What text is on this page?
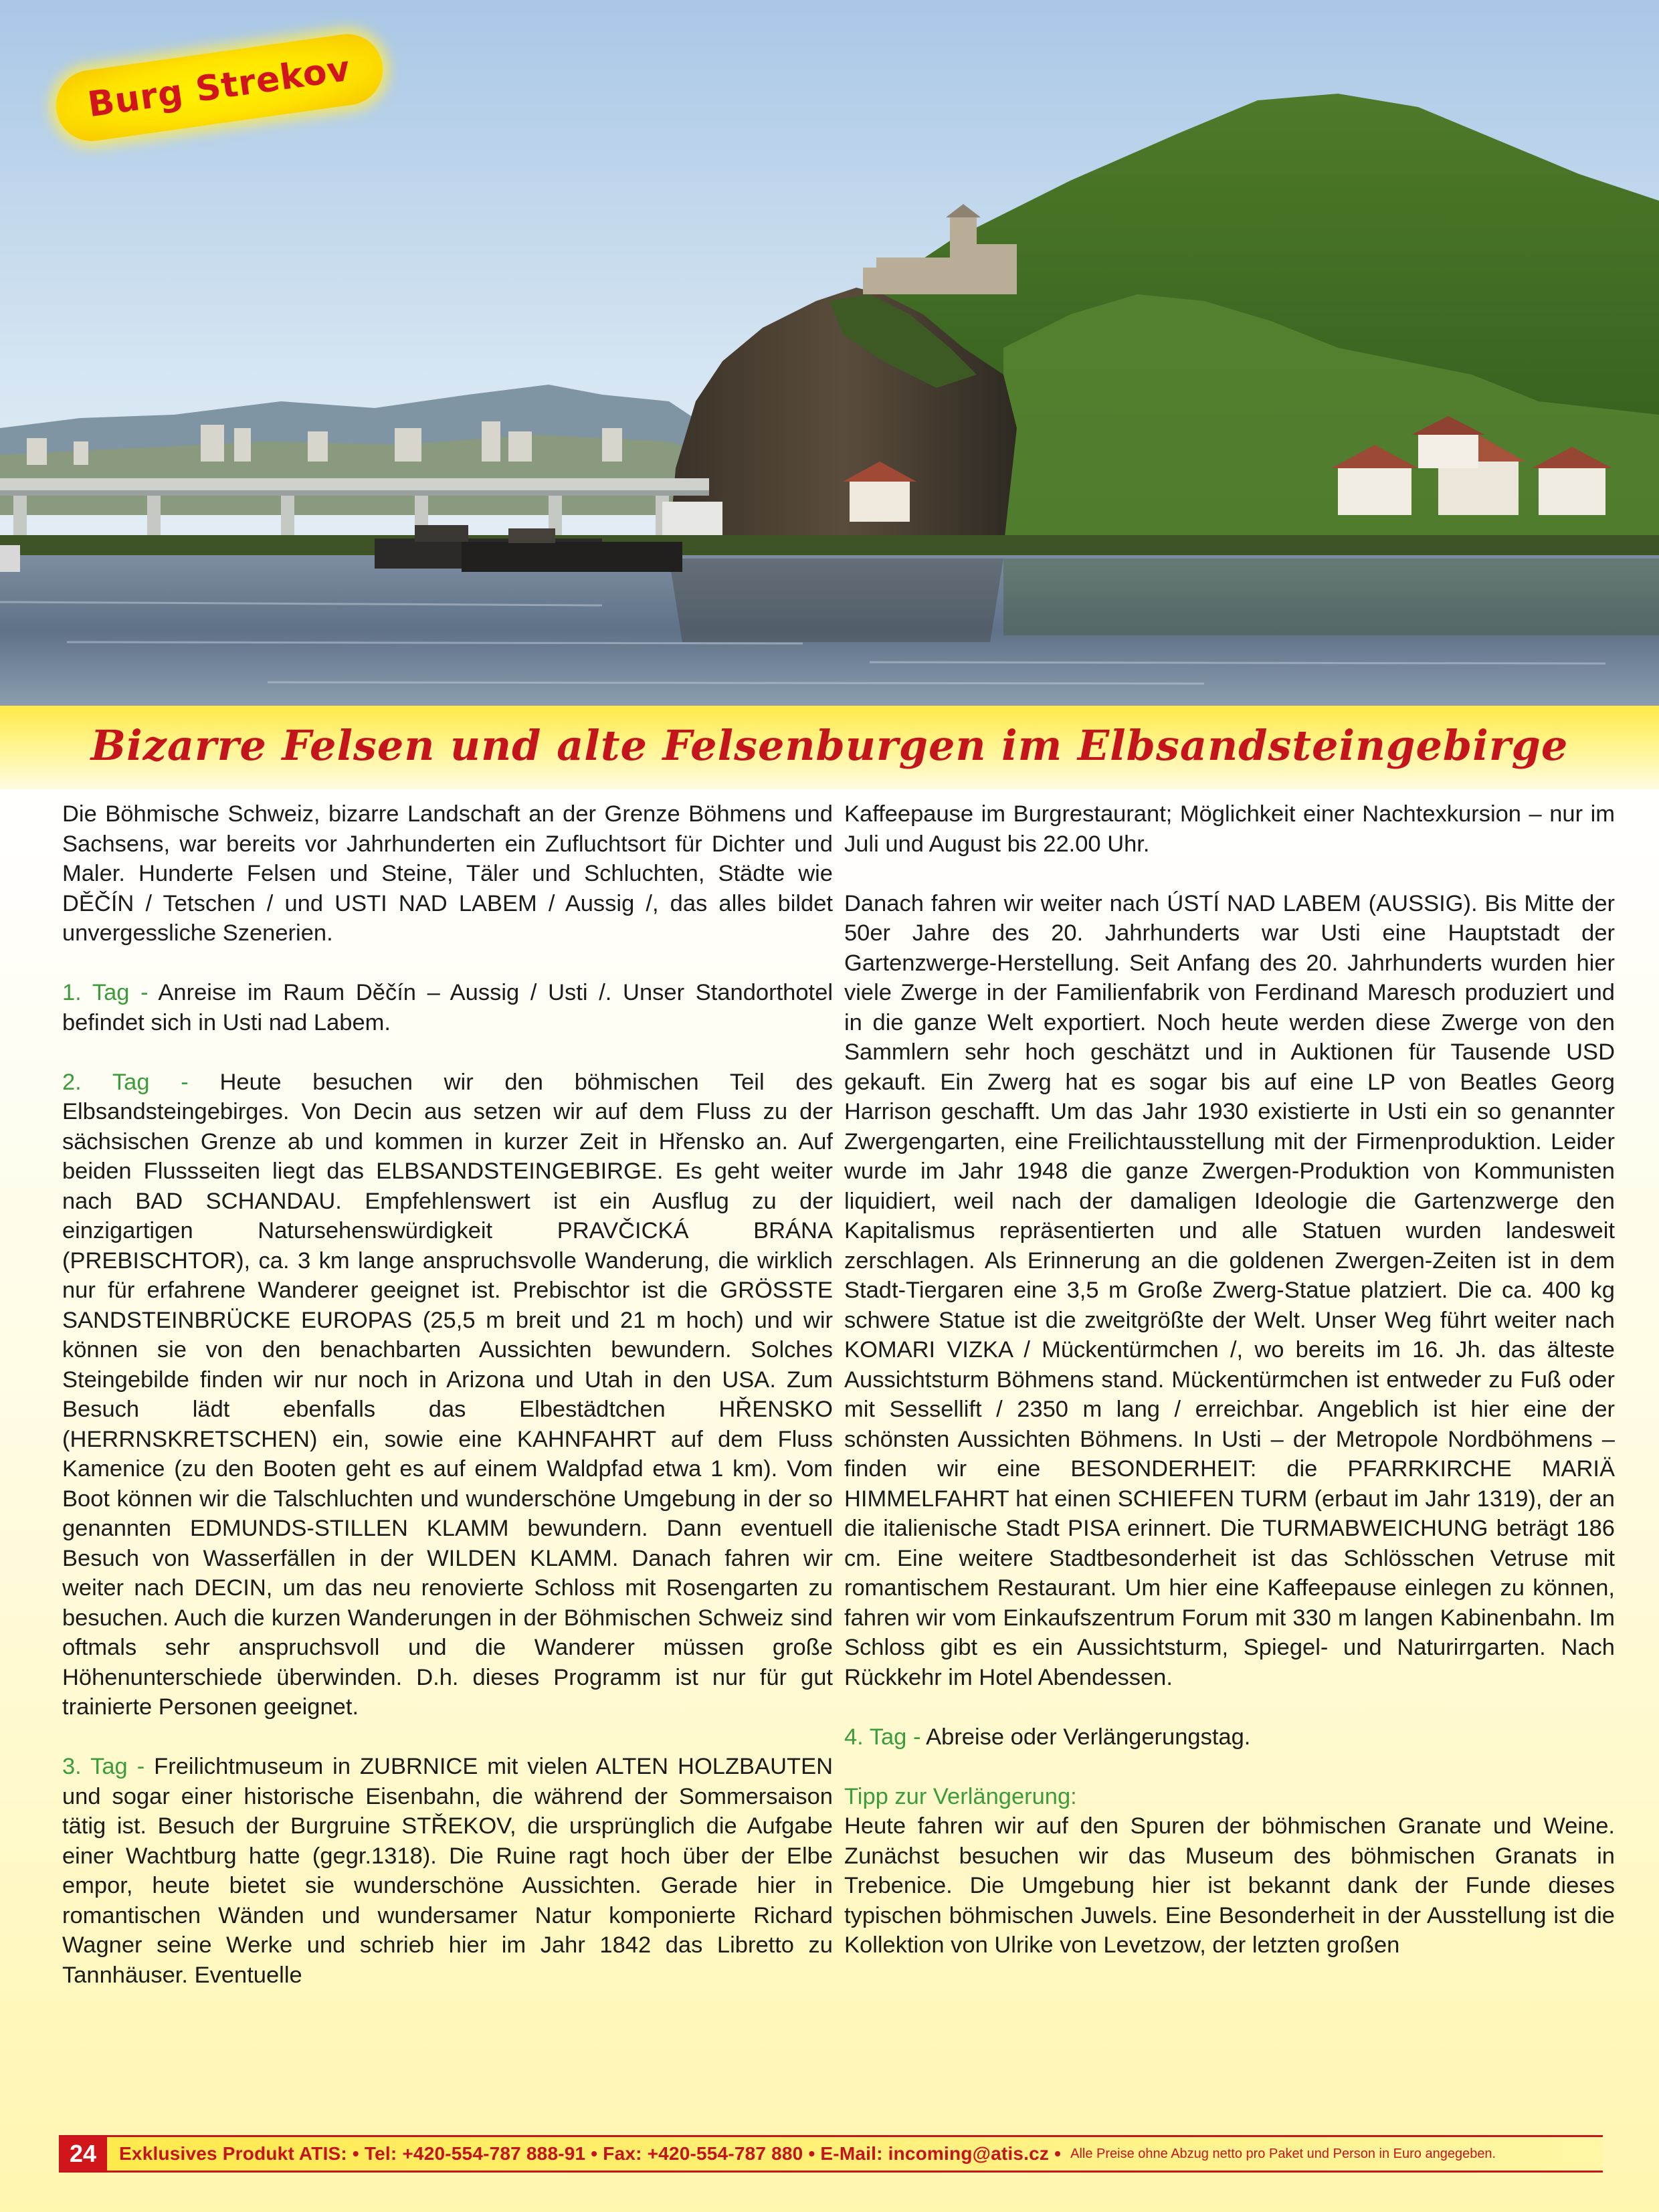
Burg Strekov
Bizarre Felsen und alte Felsenburgen im Elbsandsteingebirge

Die Böhmische Schweiz, bizarre Landschaft an der Grenze Böhmens und Sachsens, war bereits vor Jahrhunderten ein Zufluchtsort für Dichter und Maler. Hunderte Felsen und Steine, Täler und Schluchten, Städte wie DĚČÍN / Tetschen / und USTI NAD LABEM / Aussig /, das alles bildet unvergessliche Szenerien.

1. Tag - Anreise im Raum Děčín – Aussig / Usti /. Unser Standorthotel befindet sich in Usti nad Labem.

2. Tag - Heute besuchen wir den böhmischen Teil des Elbsandsteingebirges. Von Decin aus setzen wir auf dem Fluss zu der sächsischen Grenze ab und kommen in kurzer Zeit in Hřensko an. Auf beiden Flussseiten liegt das ELBSANDSTEINGEBIRGE. Es geht weiter nach BAD SCHANDAU. Empfehlenswert ist ein Ausflug zu der einzigartigen Natursehenswürdigkeit PRAVČICKÁ BRÁNA (PREBISCHTOR), ca. 3 km lange anspruchsvolle Wanderung, die wirklich nur für erfahrene Wanderer geeignet ist. Prebischtor ist die GRÖSSTE SANDSTEINBRÜCKE EUROPAS (25,5 m breit und 21 m hoch) und wir können sie von den benachbarten Aussichten bewundern. Solches Steingebilde finden wir nur noch in Arizona und Utah in den USA. Zum Besuch lädt ebenfalls das Elbestädtchen HŘENSKO (HERRNSKRETSCHEN) ein, sowie eine KAHNFAHRT auf dem Fluss Kamenice (zu den Booten geht es auf einem Waldpfad etwa 1 km). Vom Boot können wir die Talschluchten und wunderschöne Umgebung in der so genannten EDMUNDS-STILLEN KLAMM bewundern. Dann eventuell Besuch von Wasserfällen in der WILDEN KLAMM. Danach fahren wir weiter nach DECIN, um das neu renovierte Schloss mit Rosengarten zu besuchen. Auch die kurzen Wanderungen in der Böhmischen Schweiz sind oftmals sehr anspruchsvoll und die Wanderer müssen große Höhenunterschiede überwinden. D.h. dieses Programm ist nur für gut trainierte Personen geeignet.

3. Tag - Freilichtmuseum in ZUBRNICE mit vielen ALTEN HOLZBAUTEN und sogar einer historische Eisenbahn, die während der Sommersaison tätig ist. Besuch der Burgruine STŘEKOV, die ursprünglich die Aufgabe einer Wachtburg hatte (gegr.1318). Die Ruine ragt hoch über der Elbe empor, heute bietet sie wunderschöne Aussichten. Gerade hier in romantischen Wänden und wundersamer Natur komponierte Richard Wagner seine Werke und schrieb hier im Jahr 1842 das Libretto zu Tannhäuser. Eventuelle

Kaffeepause im Burgrestaurant; Möglichkeit einer Nachtexkursion – nur im Juli und August bis 22.00 Uhr.

Danach fahren wir weiter nach ÚSTÍ NAD LABEM (AUSSIG). Bis Mitte der 50er Jahre des 20. Jahrhunderts war Usti eine Hauptstadt der Gartenzwerge-Herstellung. Seit Anfang des 20. Jahrhunderts wurden hier viele Zwerge in der Familienfabrik von Ferdinand Maresch produziert und in die ganze Welt exportiert. Noch heute werden diese Zwerge von den Sammlern sehr hoch geschätzt und in Auktionen für Tausende USD gekauft. Ein Zwerg hat es sogar bis auf eine LP von Beatles Georg Harrison geschafft. Um das Jahr 1930 existierte in Usti ein so genannter Zwergengarten, eine Freilichtausstellung mit der Firmenproduktion. Leider wurde im Jahr 1948 die ganze Zwergen-Produktion von Kommunisten liquidiert, weil nach der damaligen Ideologie die Gartenzwerge den Kapitalismus repräsentierten und alle Statuen wurden landesweit zerschlagen. Als Erinnerung an die goldenen Zwergen-Zeiten ist in dem Stadt-Tiergaren eine 3,5 m Große Zwerg-Statue platziert. Die ca. 400 kg schwere Statue ist die zweitgrößte der Welt. Unser Weg führt weiter nach KOMARI VIZKA / Mückentürmchen /, wo bereits im 16. Jh. das älteste Aussichtsturm Böhmens stand. Mückentürmchen ist entweder zu Fuß oder mit Sessellift / 2350 m lang / erreichbar. Angeblich ist hier eine der schönsten Aussichten Böhmens. In Usti – der Metropole Nordböhmens – finden wir eine BESONDERHEIT: die PFARRKIRCHE MARIÄ HIMMELFAHRT hat einen SCHIEFEN TURM (erbaut im Jahr 1319), der an die italienische Stadt PISA erinnert. Die TURMABWEICHUNG beträgt 186 cm. Eine weitere Stadtbesonderheit ist das Schlösschen Vetruse mit romantischem Restaurant. Um hier eine Kaffeepause einlegen zu können, fahren wir vom Einkaufszentrum Forum mit 330 m langen Kabinenbahn. Im Schloss gibt es ein Aussichtsturm, Spiegel- und Naturirrgarten. Nach Rückkehr im Hotel Abendessen.

4. Tag - Abreise oder Verlängerungstag.

Tipp zur Verlängerung:
Heute fahren wir auf den Spuren der böhmischen Granate und Weine. Zunächst besuchen wir das Museum des böhmischen Granats in Trebenice. Die Umgebung hier ist bekannt dank der Funde dieses typischen böhmischen Juwels. Eine Besonderheit in der Ausstellung ist die Kollektion von Ulrike von Levetzow, der letzten großen

24	Exklusives Produkt ATIS: • Tel: +420-554-787 888-91 • Fax: +420-554-787 880 • E-Mail: incoming@atis.cz • Alle Preise ohne Abzug netto pro Paket und Person in Euro angegeben.
